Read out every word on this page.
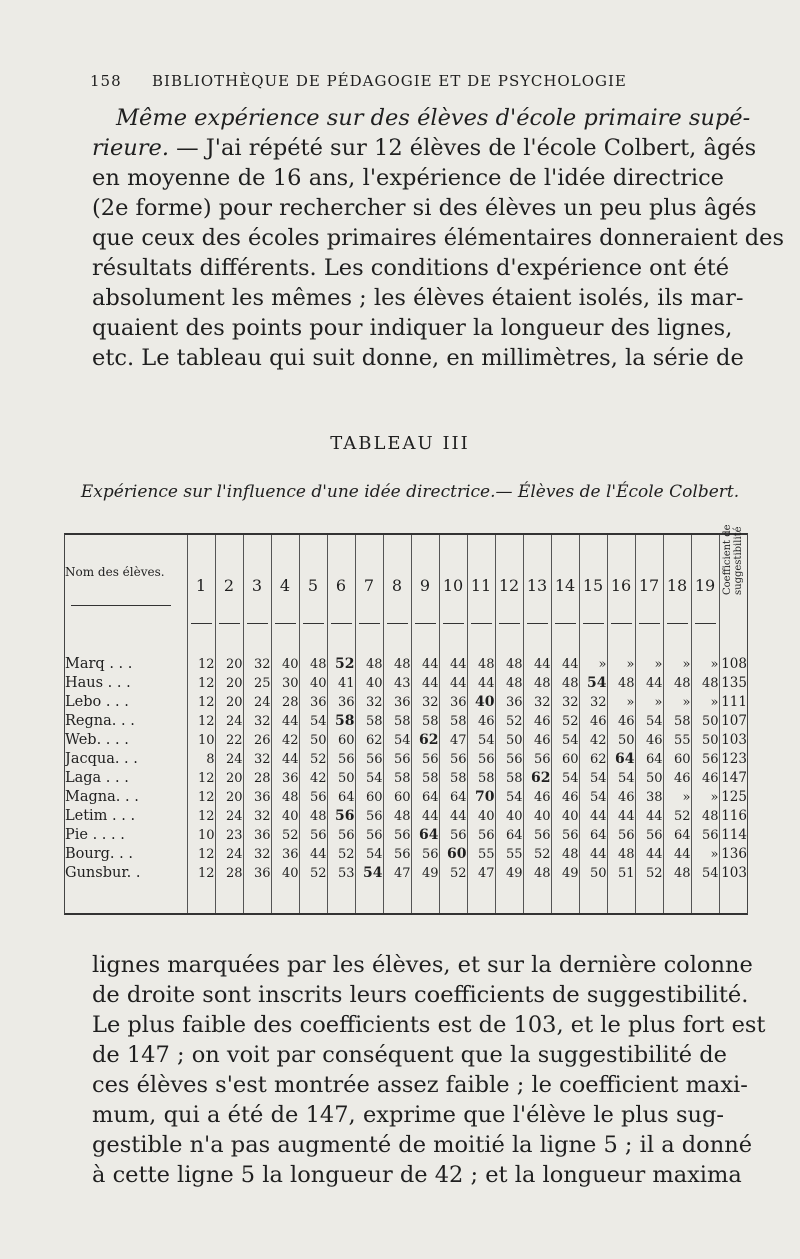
158 BIBLIOTHÈQUE DE PÉDAGOGIE ET DE PSYCHOLOGIE
Même expérience sur des élèves d'école primaire supé-
rieure. — J'ai répété sur 12 élèves de l'école Colbert, âgés
en moyenne de 16 ans, l'expérience de l'idée directrice
(2e forme) pour rechercher si des élèves un peu plus âgés
que ceux des écoles primaires élémentaires donneraient des
résultats différents. Les conditions d'expérience ont été
absolument les mêmes ; les élèves étaient isolés, ils mar-
quaient des points pour indiquer la longueur des lignes,
etc. Le tableau qui suit donne, en millimètres, la série de
TABLEAU III
Expérience sur l'influence d'une idée directrice.— Élèves de l'École Colbert.
Nom des élèves.	1	2	3	4	5	6	7	8	9	10	11	12	13	14	15	16	17	18	19	Coefficient de suggestibilité

Marq . . .	12	20	32	40	48	52	48	48	44	44	48	48	44	44	»	»	»	»	»	108
Haus . . .	12	20	25	30	40	41	40	43	44	44	44	48	48	48	54	48	44	48	48	135
Lebo . . .	12	20	24	28	36	36	32	36	32	36	40	36	32	32	32	»	»	»	»	111
Regna. . .	12	24	32	44	54	58	58	58	58	58	46	52	46	52	46	46	54	58	50	107
Web. . . .	10	22	26	42	50	60	62	54	62	47	54	50	46	54	42	50	46	55	50	103
Jacqua. . .	8	24	32	44	52	56	56	56	56	56	56	56	56	60	62	64	64	60	56	123
Laga . . .	12	20	28	36	42	50	54	58	58	58	58	58	62	54	54	54	50	46	46	147
Magna. . .	12	20	36	48	56	64	60	60	64	64	70	54	46	46	54	46	38	»	»	125
Letim . . .	12	24	32	40	48	56	56	48	44	44	40	40	40	40	44	44	44	52	48	116
Pie . . . .	10	23	36	52	56	56	56	56	64	56	56	64	56	56	64	56	56	64	56	114
Bourg. . .	12	24	32	36	44	52	54	56	56	60	55	55	52	48	44	48	44	44	»	136
Gunsbur. .	12	28	36	40	52	53	54	47	49	52	47	49	48	49	50	51	52	48	54	103

lignes marquées par les élèves, et sur la dernière colonne
de droite sont inscrits leurs coefficients de suggestibilité.
Le plus faible des coefficients est de 103, et le plus fort est
de 147 ; on voit par conséquent que la suggestibilité de
ces élèves s'est montrée assez faible ; le coefficient maxi-
mum, qui a été de 147, exprime que l'élève le plus sug-
gestible n'a pas augmenté de moitié la ligne 5 ; il a donné
à cette ligne 5 la longueur de 42 ; et la longueur maxima
